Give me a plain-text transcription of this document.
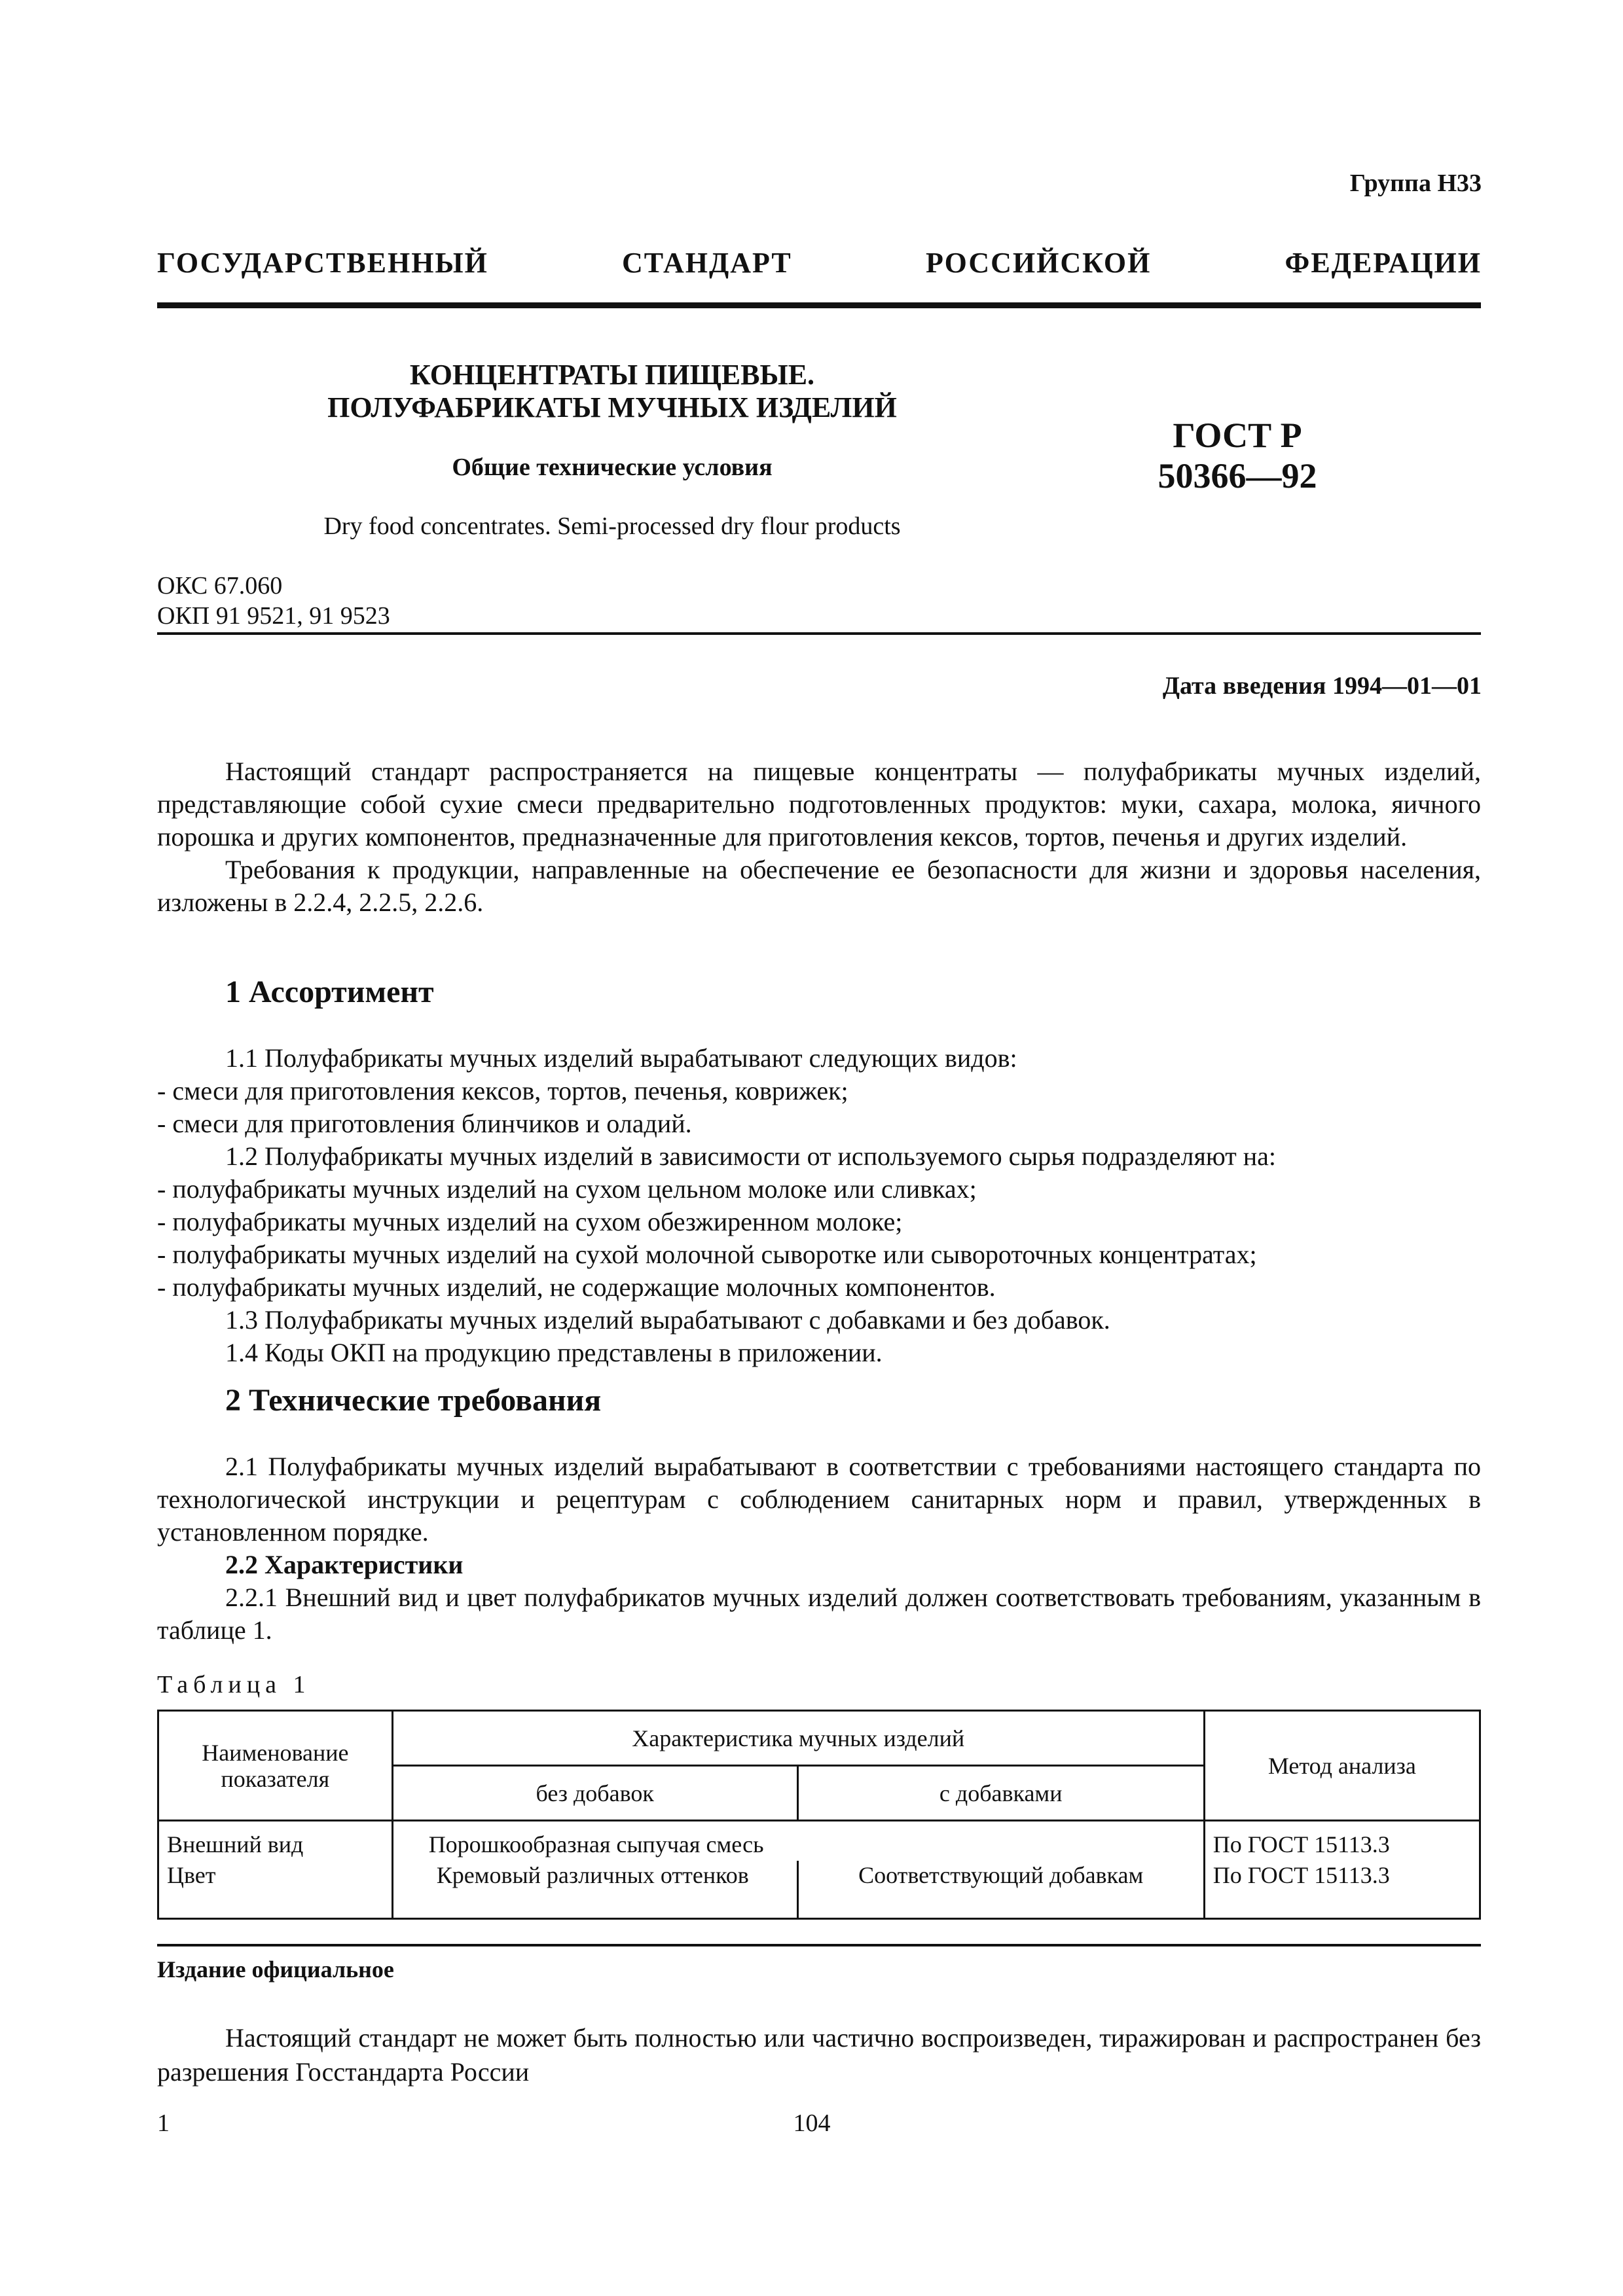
Группа Н33
ГОСУДАРСТВЕННЫЙ СТАНДАРТ РОССИЙСКОЙ ФЕДЕРАЦИИ
КОНЦЕНТРАТЫ ПИЩЕВЫЕ.
ПОЛУФАБРИКАТЫ МУЧНЫХ ИЗДЕЛИЙ
Общие технические условия
Dry food concentrates. Semi-processed dry flour products
ГОСТ Р
50366—92
ОКС 67.060
ОКП 91 9521, 91 9523
Дата введения 1994—01—01

Настоящий стандарт распространяется на пищевые концентраты — полуфабрикаты мучных изделий, представляющие собой сухие смеси предварительно подготовленных продуктов: муки, сахара, молока, яичного порошка и других компонентов, предназначенные для приготовления кексов, тортов, печенья и других изделий.

Требования к продукции, направленные на обеспечение ее безопасности для жизни и здоровья населения, изложены в 2.2.4, 2.2.5, 2.2.6.

1 Ассортимент
1.1 Полуфабрикаты мучных изделий вырабатывают следующих видов:
- смеси для приготовления кексов, тортов, печенья, коврижек;
- смеси для приготовления блинчиков и оладий.
1.2 Полуфабрикаты мучных изделий в зависимости от используемого сырья подразделяют на:
- полуфабрикаты мучных изделий на сухом цельном молоке или сливках;
- полуфабрикаты мучных изделий на сухом обезжиренном молоке;
- полуфабрикаты мучных изделий на сухой молочной сыворотке или сывороточных концентратах;
- полуфабрикаты мучных изделий, не содержащие молочных компонентов.
1.3 Полуфабрикаты мучных изделий вырабатывают с добавками и без добавок.
1.4 Коды ОКП на продукцию представлены в приложении.
2 Технические требования

2.1 Полуфабрикаты мучных изделий вырабатывают в соответствии с требованиями настоящего стандарта по технологической инструкции и рецептурам с соблюдением санитарных норм и правил, утвержденных в установленном порядке.

2.2 Характеристики

2.2.1 Внешний вид и цвет полуфабрикатов мучных изделий должен соответствовать требованиям, указанным в таблице 1.

Таблица 1
Наименование показателя	Характеристика мучных изделий		Метод анализа
	без добавок	с добавками	
Внешний вид	Порошкообразная сыпучая смесь		По ГОСТ 15113.3
Цвет	Кремовый различных оттенков	Соответствующий добавкам	По ГОСТ 15113.3
Издание официальное

Настоящий стандарт не может быть полностью или частично воспроизведен, тиражирован и распространен без разрешения Госстандарта России

1	104
